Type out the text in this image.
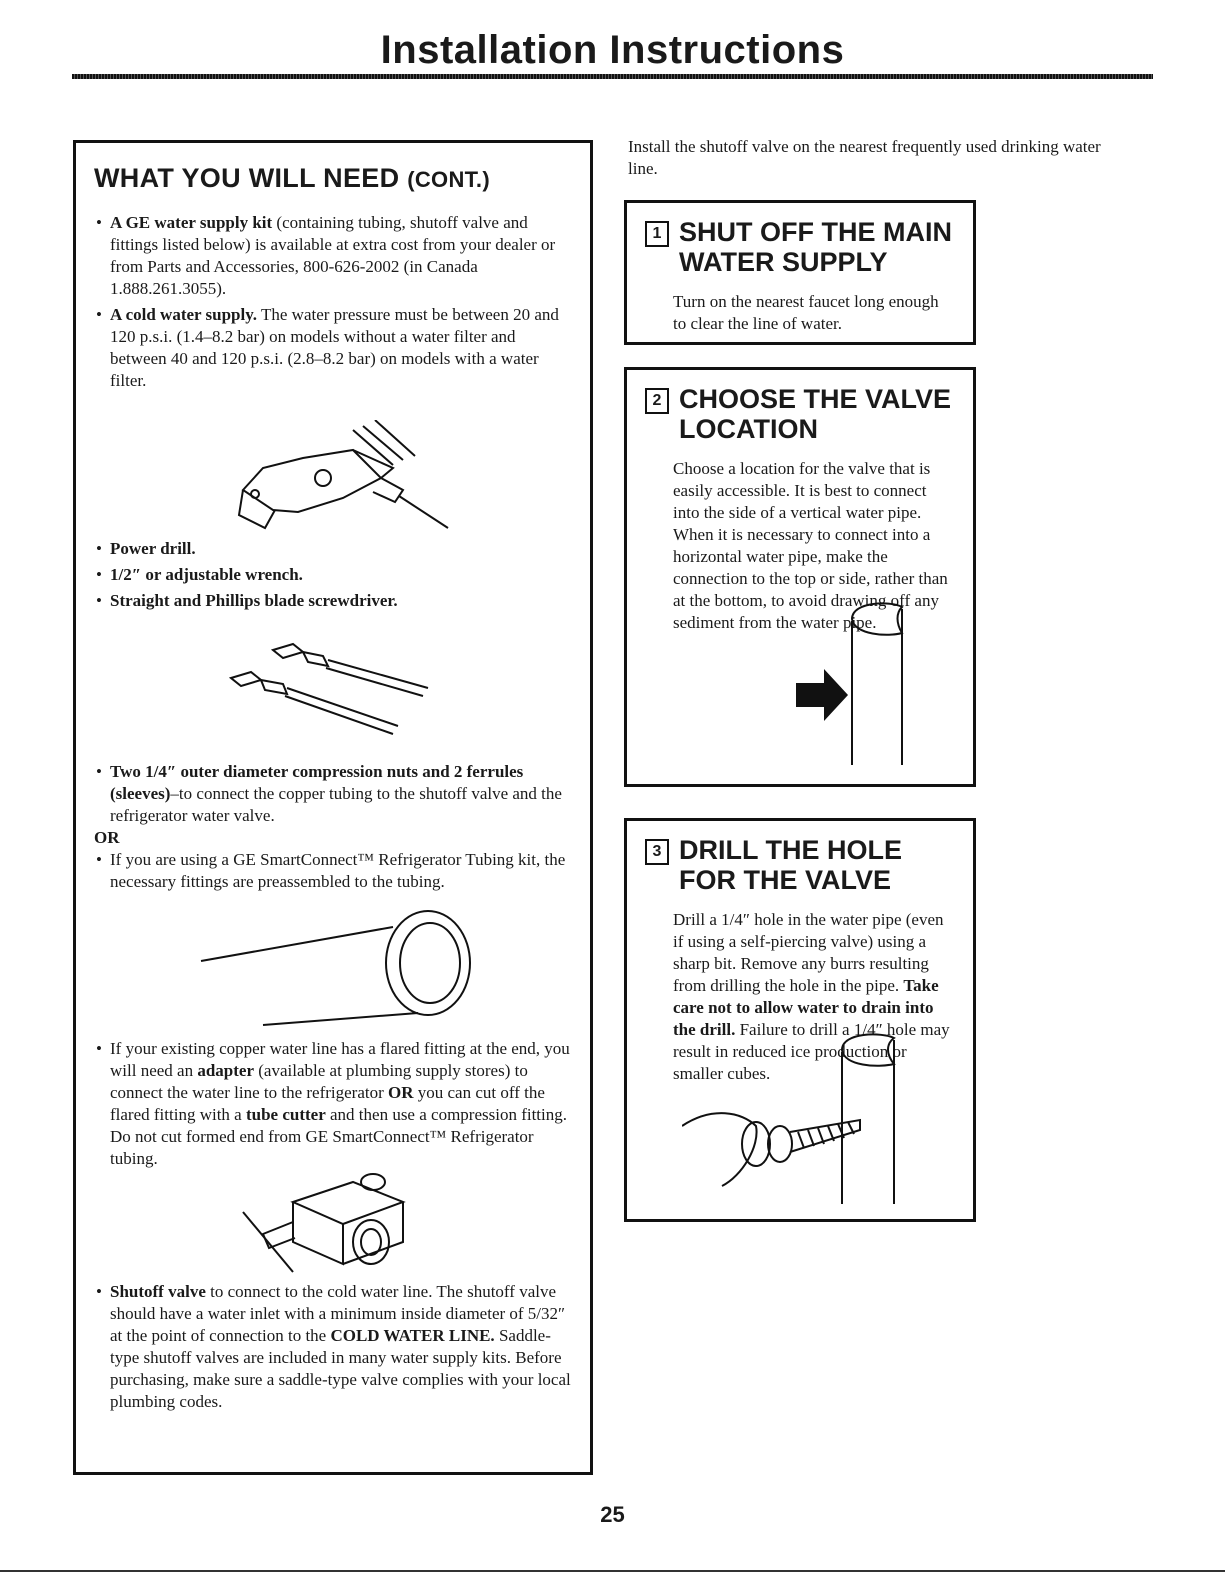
Installation Instructions
WHAT YOU WILL NEED (CONT.)

• A GE water supply kit (containing tubing, shutoff valve and fittings listed below) is available at extra cost from your dealer or from Parts and Accessories, 800-626-2002 (in Canada 1.888.261.3055).

• A cold water supply. The water pressure must be between 20 and 120 p.s.i. (1.4–8.2 bar) on models without a water filter and between 40 and 120 p.s.i. (2.8–8.2 bar) on models with a water filter.

• Power drill.

• 1/2″ or adjustable wrench.

• Straight and Phillips blade screwdriver.

• Two 1/4″ outer diameter compression nuts and 2 ferrules (sleeves)–to connect the copper tubing to the shutoff valve and the refrigerator water valve.

OR

• If you are using a GE SmartConnect™ Refrigerator Tubing kit, the necessary fittings are preassembled to the tubing.

• If your existing copper water line has a flared fitting at the end, you will need an adapter (available at plumbing supply stores) to connect the water line to the refrigerator OR you can cut off the flared fitting with a tube cutter and then use a compression fitting. Do not cut formed end from GE SmartConnect™ Refrigerator tubing.

• Shutoff valve to connect to the cold water line. The shutoff valve should have a water inlet with a minimum inside diameter of 5/32″ at the point of connection to the COLD WATER LINE. Saddle-type shutoff valves are included in many water supply kits. Before purchasing, make sure a saddle-type valve complies with your local plumbing codes.

Install the shutoff valve on the nearest frequently used drinking water line.

1 SHUT OFF THE MAIN WATER SUPPLY

Turn on the nearest faucet long enough to clear the line of water.

2 CHOOSE THE VALVE LOCATION

Choose a location for the valve that is easily accessible. It is best to connect into the side of a vertical water pipe. When it is necessary to connect into a horizontal water pipe, make the connection to the top or side, rather than at the bottom, to avoid drawing off any sediment from the water pipe.

3 DRILL THE HOLE FOR THE VALVE

Drill a 1/4″ hole in the water pipe (even if using a self-piercing valve) using a sharp bit. Remove any burrs resulting from drilling the hole in the pipe. Take care not to allow water to drain into the drill. Failure to drill a 1/4″ hole may result in reduced ice production or smaller cubes.

25
